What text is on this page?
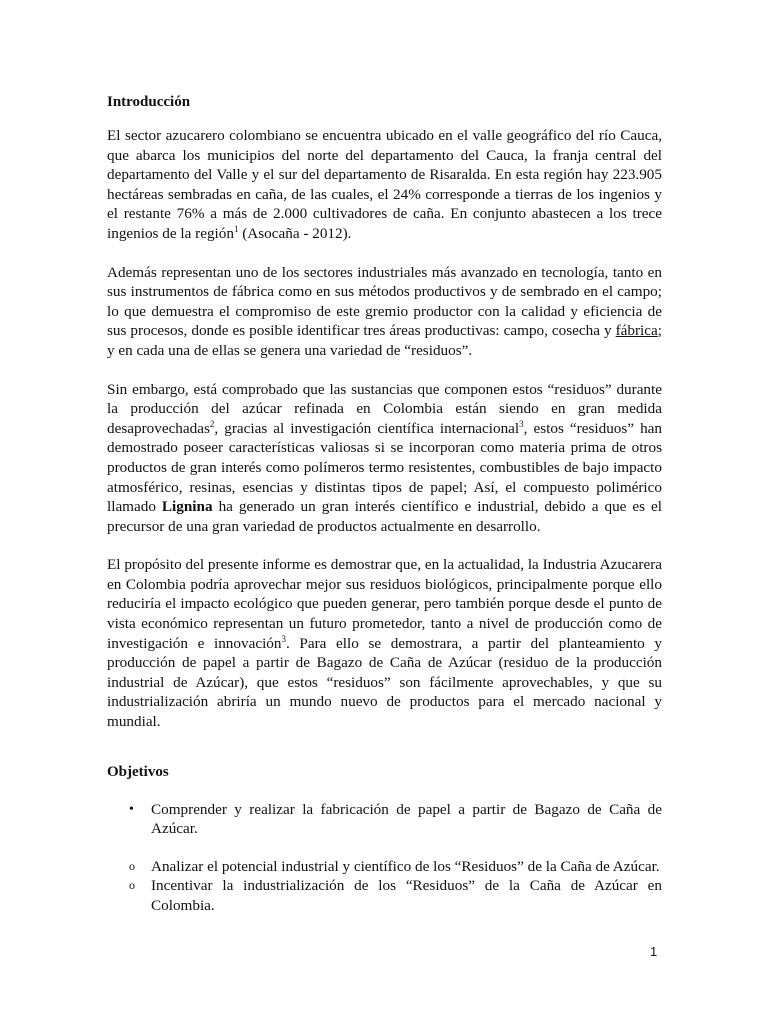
Introducción

El sector azucarero colombiano se encuentra ubicado en el valle geográfico del río Cauca, que abarca los municipios del norte del departamento del Cauca, la franja central del departamento del Valle y el sur del departamento de Risaralda. En esta región hay 223.905 hectáreas sembradas en caña, de las cuales, el 24% corresponde a tierras de los ingenios y el restante 76% a más de 2.000 cultivadores de caña. En conjunto abastecen a los trece ingenios de la región$^1$ (Asocaña - 2012).

Además representan uno de los sectores industriales más avanzado en tecnología, tanto en sus instrumentos de fábrica como en sus métodos productivos y de sembrado en el campo; lo que demuestra el compromiso de este gremio productor con la calidad y eficiencia de sus procesos, donde es posible identificar tres áreas productivas: campo, cosecha y fábrica; y en cada una de ellas se genera una variedad de “residuos”.

Sin embargo, está comprobado que las sustancias que componen estos “residuos” durante la producción del azúcar refinada en Colombia están siendo en gran medida desaprovechadas$^2$, gracias al investigación científica internacional$^3$, estos “residuos” han demostrado poseer características valiosas si se incorporan como materia prima de otros productos de gran interés como polímeros termo resistentes, combustibles de bajo impacto atmosférico, resinas, esencias y distintas tipos de papel; Así, el compuesto polimérico llamado Lignina ha generado un gran interés científico e industrial, debido a que es el precursor de una gran variedad de productos actualmente en desarrollo.

El propósito del presente informe es demostrar que, en la actualidad, la Industria Azucarera en Colombia podría aprovechar mejor sus residuos biológicos, principalmente porque ello reduciría el impacto ecológico que pueden generar, pero también porque desde el punto de vista económico representan un futuro prometedor, tanto a nivel de producción como de investigación e innovación$^3$. Para ello se demostrara, a partir del planteamiento y producción de papel a partir de Bagazo de Caña de Azúcar (residuo de la producción industrial de Azúcar), que estos “residuos” son fácilmente aprovechables, y que su industrialización abriría un mundo nuevo de productos para el mercado nacional y mundial.

Objetivos
• Comprender y realizar la fabricación de papel a partir de Bagazo de Caña de Azúcar.
o Analizar el potencial industrial y científico de los “Residuos” de la Caña de Azúcar.
o Incentivar la industrialización de los “Residuos” de la Caña de Azúcar en Colombia.
1
